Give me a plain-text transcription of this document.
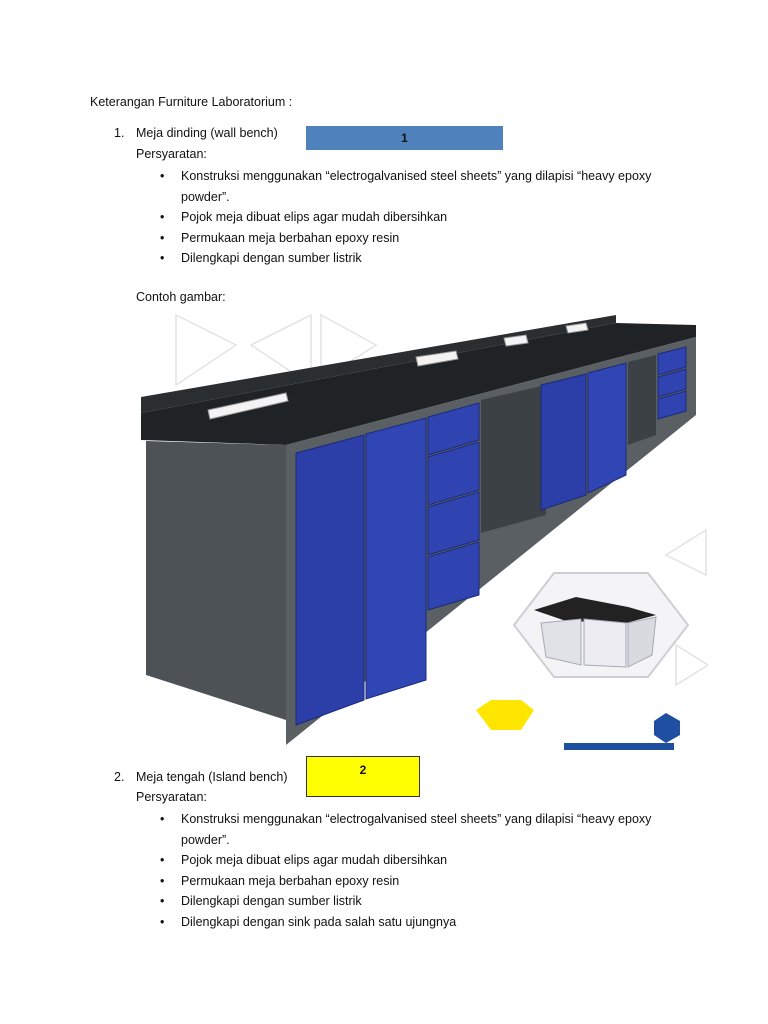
Keterangan Furniture Laboratorium :
1. Meja dinding (wall bench)	1
Persyaratan:
• Konstruksi menggunakan “electrogalvanised steel sheets” yang dilapisi “heavy epoxy powder”.
• Pojok meja dibuat elips agar mudah dibersihkan
• Permukaan meja berbahan epoxy resin
• Dilengkapi dengan sumber listrik
Contoh gambar:
2. Meja tengah (Island bench)	2
Persyaratan:
• Konstruksi menggunakan “electrogalvanised steel sheets” yang dilapisi “heavy epoxy powder”.
• Pojok meja dibuat elips agar mudah dibersihkan
• Permukaan meja berbahan epoxy resin
• Dilengkapi dengan sumber listrik
• Dilengkapi dengan sink pada salah satu ujungnya
